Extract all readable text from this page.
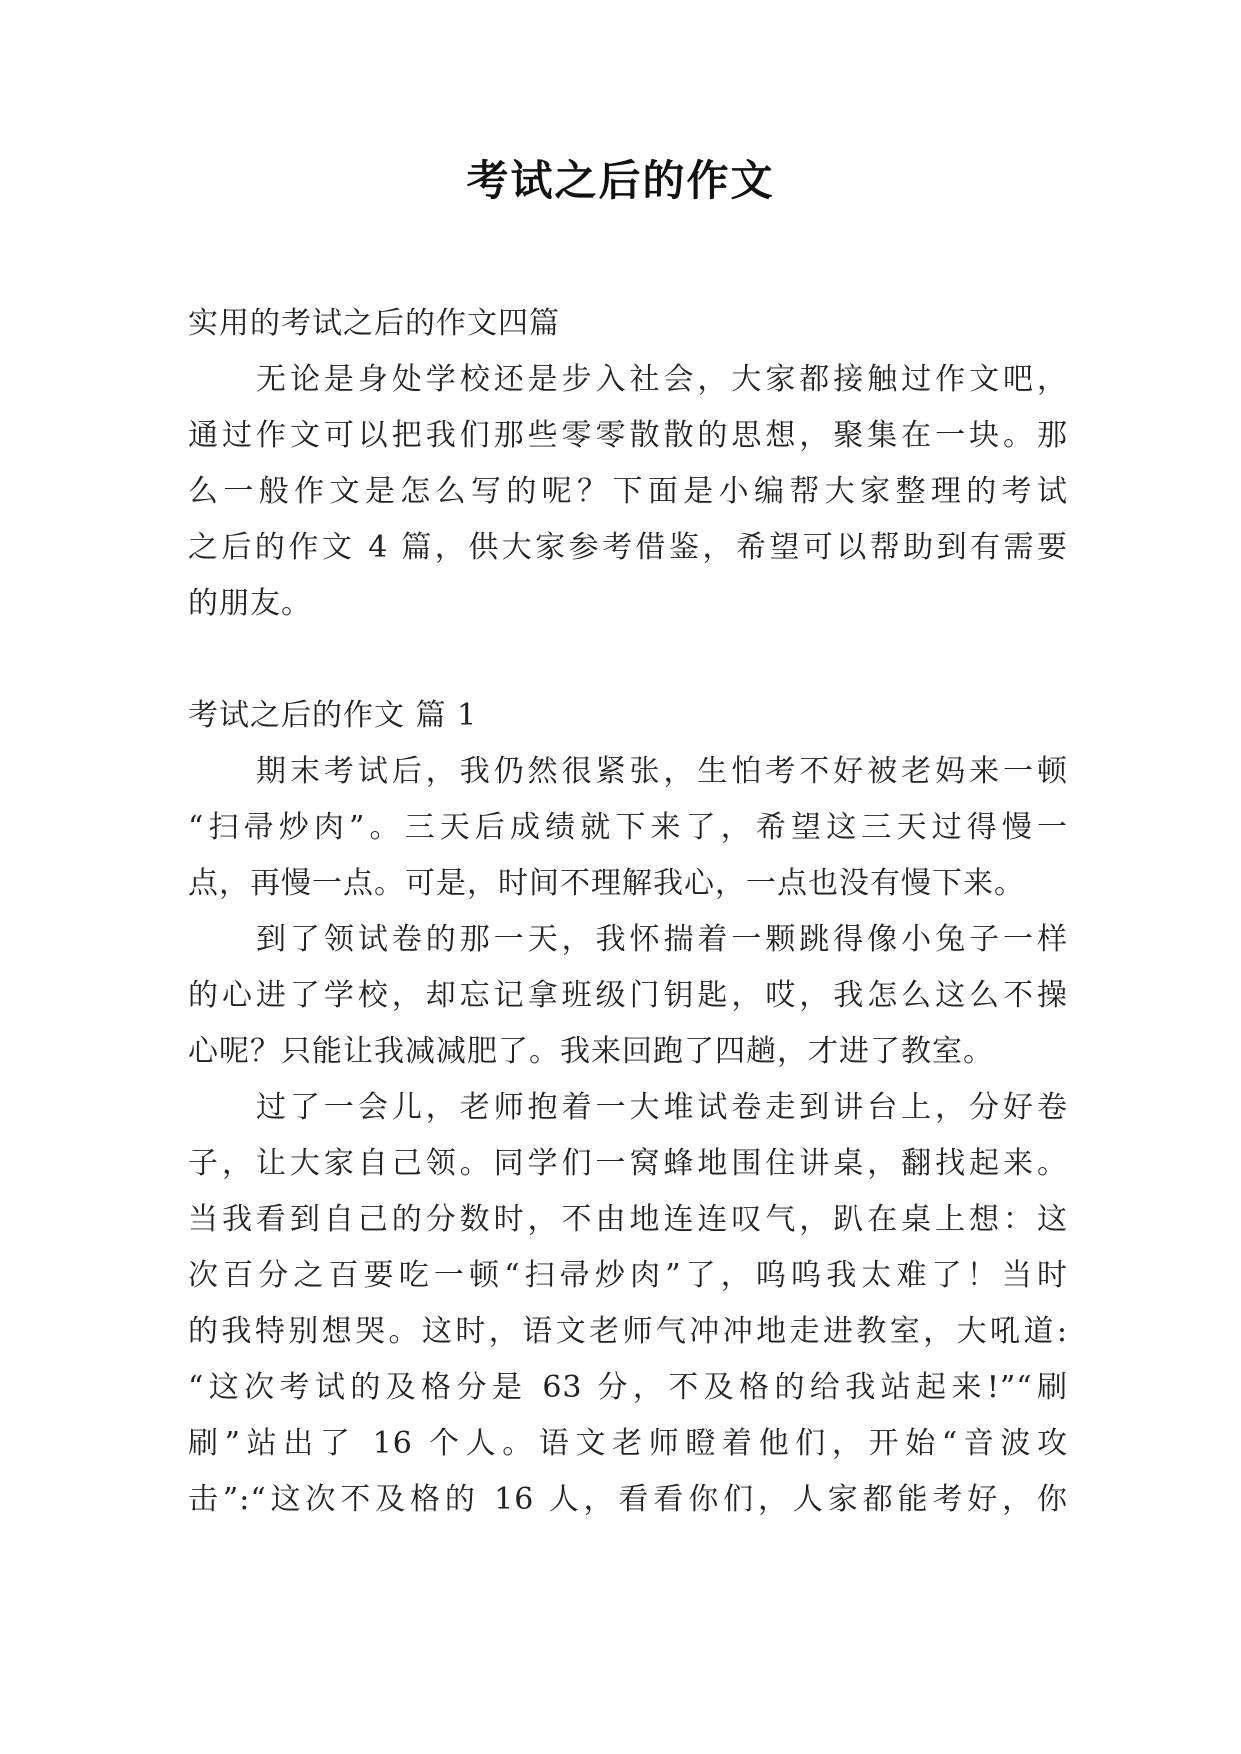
考试之后的作文
实用的考试之后的作文四篇
无论是身处学校还是步入社会，大家都接触过作文吧，
通过作文可以把我们那些零零散散的思想，聚集在一块。那
么一般作文是怎么写的呢？下面是小编帮大家整理的考试
之后的作文 4 篇，供大家参考借鉴，希望可以帮助到有需要
的朋友。
考试之后的作文 篇 1
期末考试后，我仍然很紧张，生怕考不好被老妈来一顿
“扫帚炒肉”。三天后成绩就下来了，希望这三天过得慢一
点，再慢一点。可是，时间不理解我心，一点也没有慢下来。
到了领试卷的那一天，我怀揣着一颗跳得像小兔子一样
的心进了学校，却忘记拿班级门钥匙，哎，我怎么这么不操
心呢？只能让我减减肥了。我来回跑了四趟，才进了教室。
过了一会儿，老师抱着一大堆试卷走到讲台上，分好卷
子，让大家自己领。同学们一窝蜂地围住讲桌，翻找起来。
当我看到自己的分数时，不由地连连叹气，趴在桌上想：这
次百分之百要吃一顿“扫帚炒肉”了，呜呜我太难了！当时
的我特别想哭。这时，语文老师气冲冲地走进教室，大吼道:
“这次考试的及格分是 63 分，不及格的给我站起来!”“刷
刷”站出了 16 个人。语文老师瞪着他们，开始“音波攻
击”:“这次不及格的 16 人，看看你们，人家都能考好，你
